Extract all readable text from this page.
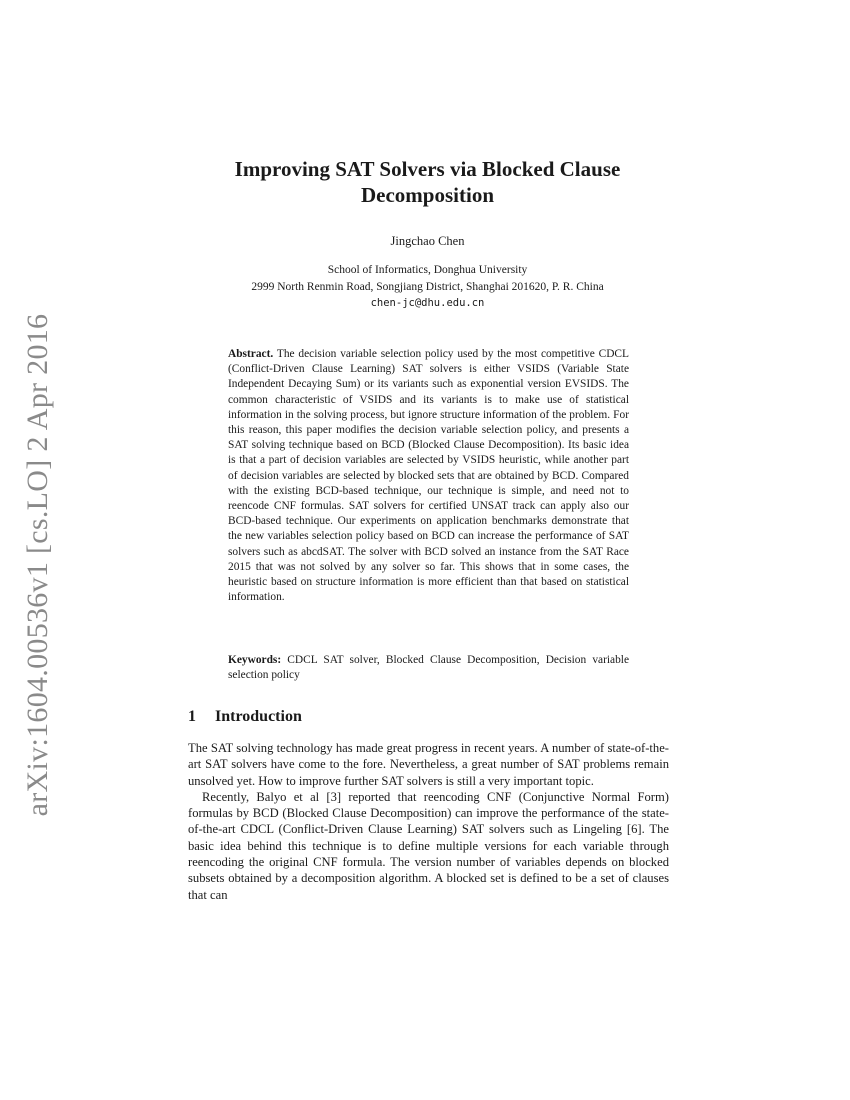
arXiv:1604.00536v1 [cs.LO] 2 Apr 2016
Improving SAT Solvers via Blocked Clause
Decomposition
Jingchao Chen
School of Informatics, Donghua University
2999 North Renmin Road, Songjiang District, Shanghai 201620, P. R. China
chen-jc@dhu.edu.cn
Abstract. The decision variable selection policy used by the most competitive CDCL (Conflict-Driven Clause Learning) SAT solvers is either VSIDS (Variable State Independent Decaying Sum) or its variants such as exponential version EVSIDS. The common characteristic of VSIDS and its variants is to make use of statistical information in the solving process, but ignore structure information of the problem. For this reason, this paper modifies the decision variable selection policy, and presents a SAT solving technique based on BCD (Blocked Clause Decomposition). Its basic idea is that a part of decision variables are selected by VSIDS heuristic, while another part of decision variables are selected by blocked sets that are obtained by BCD. Compared with the existing BCD-based technique, our technique is simple, and need not to reencode CNF formulas. SAT solvers for certified UNSAT track can apply also our BCD-based technique. Our experiments on application benchmarks demonstrate that the new variables selection policy based on BCD can increase the performance of SAT solvers such as abcdSAT. The solver with BCD solved an instance from the SAT Race 2015 that was not solved by any solver so far. This shows that in some cases, the heuristic based on structure information is more efficient than that based on statistical information.
Keywords: CDCL SAT solver, Blocked Clause Decomposition, Decision variable selection policy
1 Introduction

The SAT solving technology has made great progress in recent years. A number of state-of-the-art SAT solvers have come to the fore. Nevertheless, a great number of SAT problems remain unsolved yet. How to improve further SAT solvers is still a very important topic.

Recently, Balyo et al [3] reported that reencoding CNF (Conjunctive Normal Form) formulas by BCD (Blocked Clause Decomposition) can improve the performance of the state-of-the-art CDCL (Conflict-Driven Clause Learning) SAT solvers such as Lingeling [6]. The basic idea behind this technique is to define multiple versions for each variable through reencoding the original CNF formula. The version number of variables depends on blocked subsets obtained by a decomposition algorithm. A blocked set is defined to be a set of clauses that can
